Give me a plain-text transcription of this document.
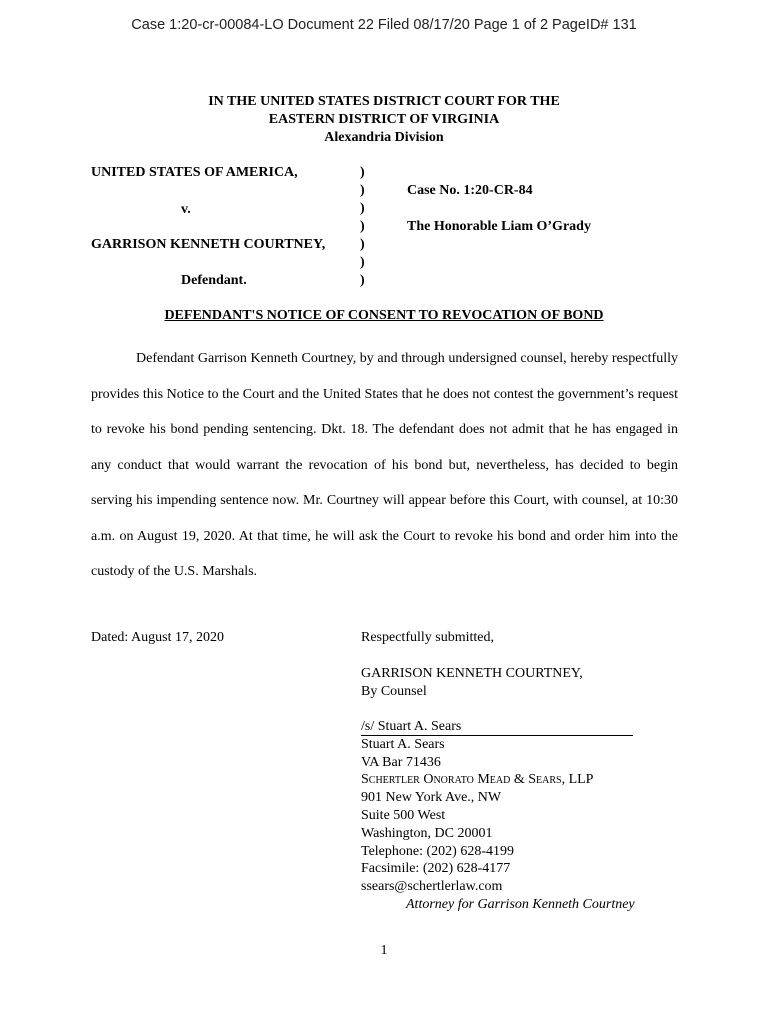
Case 1:20-cr-00084-LO Document 22 Filed 08/17/20 Page 1 of 2 PageID# 131
IN THE UNITED STATES DISTRICT COURT FOR THE
EASTERN DISTRICT OF VIRGINIA
Alexandria Division
UNITED STATES OF AMERICA,
v.
GARRISON KENNETH COURTNEY,
Defendant.
)
)
)
)
)
)
)
Case No. 1:20-CR-84
The Honorable Liam O’Grady
DEFENDANT'S NOTICE OF CONSENT TO REVOCATION OF BOND

Defendant Garrison Kenneth Courtney, by and through undersigned counsel, hereby respectfully provides this Notice to the Court and the United States that he does not contest the government’s request to revoke his bond pending sentencing. Dkt. 18. The defendant does not admit that he has engaged in any conduct that would warrant the revocation of his bond but, nevertheless, has decided to begin serving his impending sentence now. Mr. Courtney will appear before this Court, with counsel, at 10:30 a.m. on August 19, 2020. At that time, he will ask the Court to revoke his bond and order him into the custody of the U.S. Marshals.

Dated: August 17, 2020	Respectfully submitted,
GARRISON KENNETH COURTNEY,
By Counsel
/s/ Stuart A. Sears
Stuart A. Sears
VA Bar 71436
Schertler Onorato Mead & Sears, LLP
901 New York Ave., NW
Suite 500 West
Washington, DC 20001
Telephone: (202) 628-4199
Facsimile: (202) 628-4177
ssears@schertlerlaw.com
Attorney for Garrison Kenneth Courtney
1
